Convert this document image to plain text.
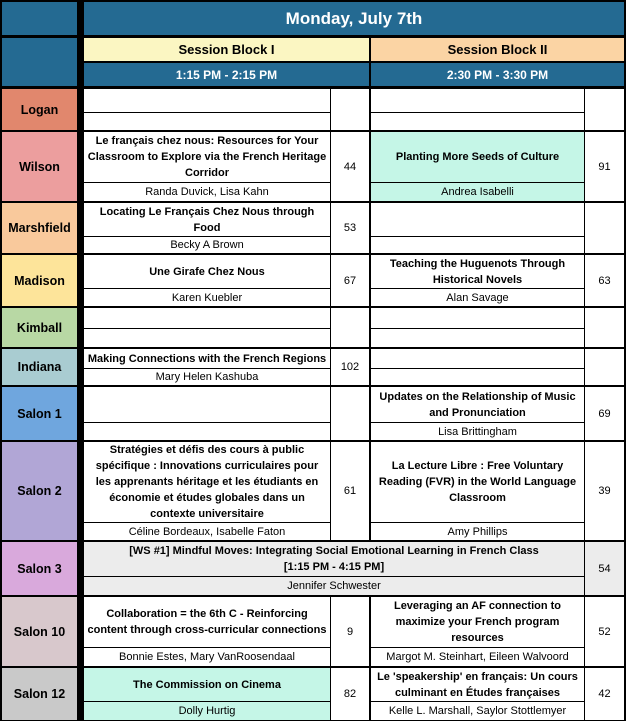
Monday, July 7th
Session Block I	Session Block II
1:15 PM - 2:15 PM	2:30 PM - 3:30 PM
Logan
Wilson
Le français chez nous: Resources for Your Classroom to Explore via the French Heritage Corridor
Randa Duvick, Lisa Kahn
44
Planting More Seeds of Culture
Andrea Isabelli
91
Marshfield
Locating Le Français Chez Nous through Food
Becky A Brown
53
Madison
Une Girafe Chez Nous
Karen Kuebler
67
Teaching the Huguenots Through Historical Novels
Alan Savage
63
Kimball
Indiana
Making Connections with the French Regions
Mary Helen Kashuba
102
Salon 1
Updates on the Relationship of Music and Pronunciation
Lisa Brittingham
69
Salon 2
Stratégies et défis des cours à public spécifique : Innovations curriculaires pour les apprenants héritage et les étudiants en économie et études globales dans un contexte universitaire
Céline Bordeaux, Isabelle Faton
61
La Lecture Libre : Free Voluntary Reading (FVR) in the World Language Classroom
Amy Phillips
39
Salon 3
[WS #1] Mindful Moves: Integrating Social Emotional Learning in French Class
[1:15 PM - 4:15 PM]
Jennifer Schwester
54
Salon 10
Collaboration = the 6th C - Reinforcing content through cross-curricular connections
Bonnie Estes, Mary VanRoosendaal
9
Leveraging an AF connection to maximize your French program resources
Margot M. Steinhart, Eileen Walvoord
52
Salon 12
The Commission on Cinema
Dolly Hurtig
82
Le 'speakership' en français: Un cours culminant en Études françaises
Kelle L. Marshall, Saylor Stottlemyer
42
